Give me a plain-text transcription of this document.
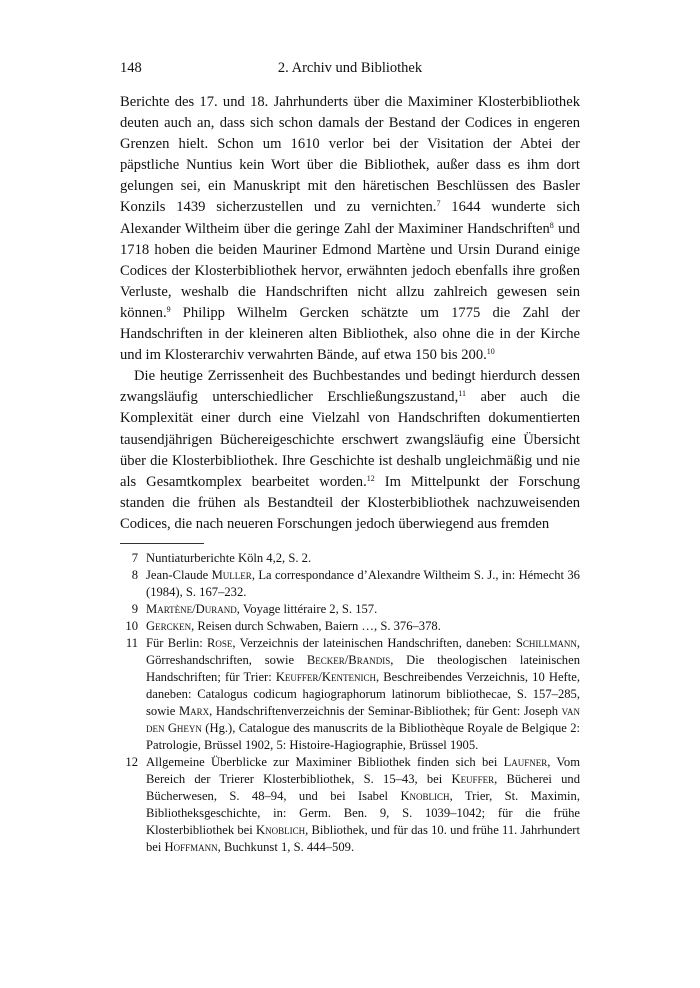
148	2. Archiv und Bibliothek

Berichte des 17. und 18. Jahrhunderts über die Maximiner Klosterbibliothek deuten auch an, dass sich schon damals der Bestand der Codices in engeren Grenzen hielt. Schon um 1610 verlor bei der Visitation der Abtei der päpstliche Nuntius kein Wort über die Bibliothek, außer dass es ihm dort gelungen sei, ein Manuskript mit den häretischen Beschlüssen des Basler Konzils 1439 sicherzustellen und zu vernichten.$^7$ 1644 wunderte sich Alexander Wiltheim über die geringe Zahl der Maximiner Handschriften$^8$ und 1718 hoben die beiden Mauriner Edmond Martène und Ursin Durand einige Codices der Klosterbibliothek hervor, erwähnten jedoch ebenfalls ihre großen Verluste, weshalb die Handschriften nicht allzu zahlreich gewesen sein können.$^9$ Philipp Wilhelm Gercken schätzte um 1775 die Zahl der Handschriften in der kleineren alten Bibliothek, also ohne die in der Kirche und im Klosterarchiv verwahrten Bände, auf etwa 150 bis 200.10

Die heutige Zerrissenheit des Buchbestandes und bedingt hierdurch dessen zwangsläufig unterschiedlicher Erschließungszustand,$^{11}$ aber auch die Komplexität einer durch eine Vielzahl von Handschriften dokumentierten tausendjährigen Büchereigeschichte erschwert zwangsläufig eine Übersicht über die Klosterbibliothek. Ihre Geschichte ist deshalb ungleichmäßig und nie als Gesamtkomplex bearbeitet worden.$^{12}$ Im Mittelpunkt der Forschung standen die frühen als Bestandteil der Klosterbibliothek nachzuweisenden Codices, die nach neueren Forschungen jedoch überwiegend aus fremden

7 Nuntiaturberichte Köln 4,2, S. 2.
8 Jean-Claude Muller, La correspondance d’Alexandre Wiltheim S. J., in: Hémecht 36 (1984), S. 167–232.
9 Martène/Durand, Voyage littéraire 2, S. 157.
10 Gercken, Reisen durch Schwaben, Baiern …, S. 376–378.
11 Für Berlin: Rose, Verzeichnis der lateinischen Handschriften, daneben: Schillmann, Görreshandschriften, sowie Becker/Brandis, Die theologischen lateinischen Handschriften; für Trier: Keuffer/Kentenich, Beschreibendes Verzeichnis, 10 Hefte, daneben: Catalogus codicum hagiographorum latinorum bibliothecae, S. 157–285, sowie Marx, Handschriftenverzeichnis der Seminar-Bibliothek; für Gent: Joseph van den Gheyn (Hg.), Catalogue des manuscrits de la Bibliothèque Royale de Belgique 2: Patrologie, Brüssel 1902, 5: Histoire-Hagiographie, Brüssel 1905.
12 Allgemeine Überblicke zur Maximiner Bibliothek finden sich bei Laufner, Vom Bereich der Trierer Klosterbibliothek, S. 15–43, bei Keuffer, Bücherei und Bücherwesen, S. 48–94, und bei Isabel Knoblich, Trier, St. Maximin, Bibliotheksgeschichte, in: Germ. Ben. 9, S. 1039–1042; für die frühe Klosterbibliothek bei Knoblich, Bibliothek, und für das 10. und frühe 11. Jahrhundert bei Hoffmann, Buchkunst 1, S. 444–509.
